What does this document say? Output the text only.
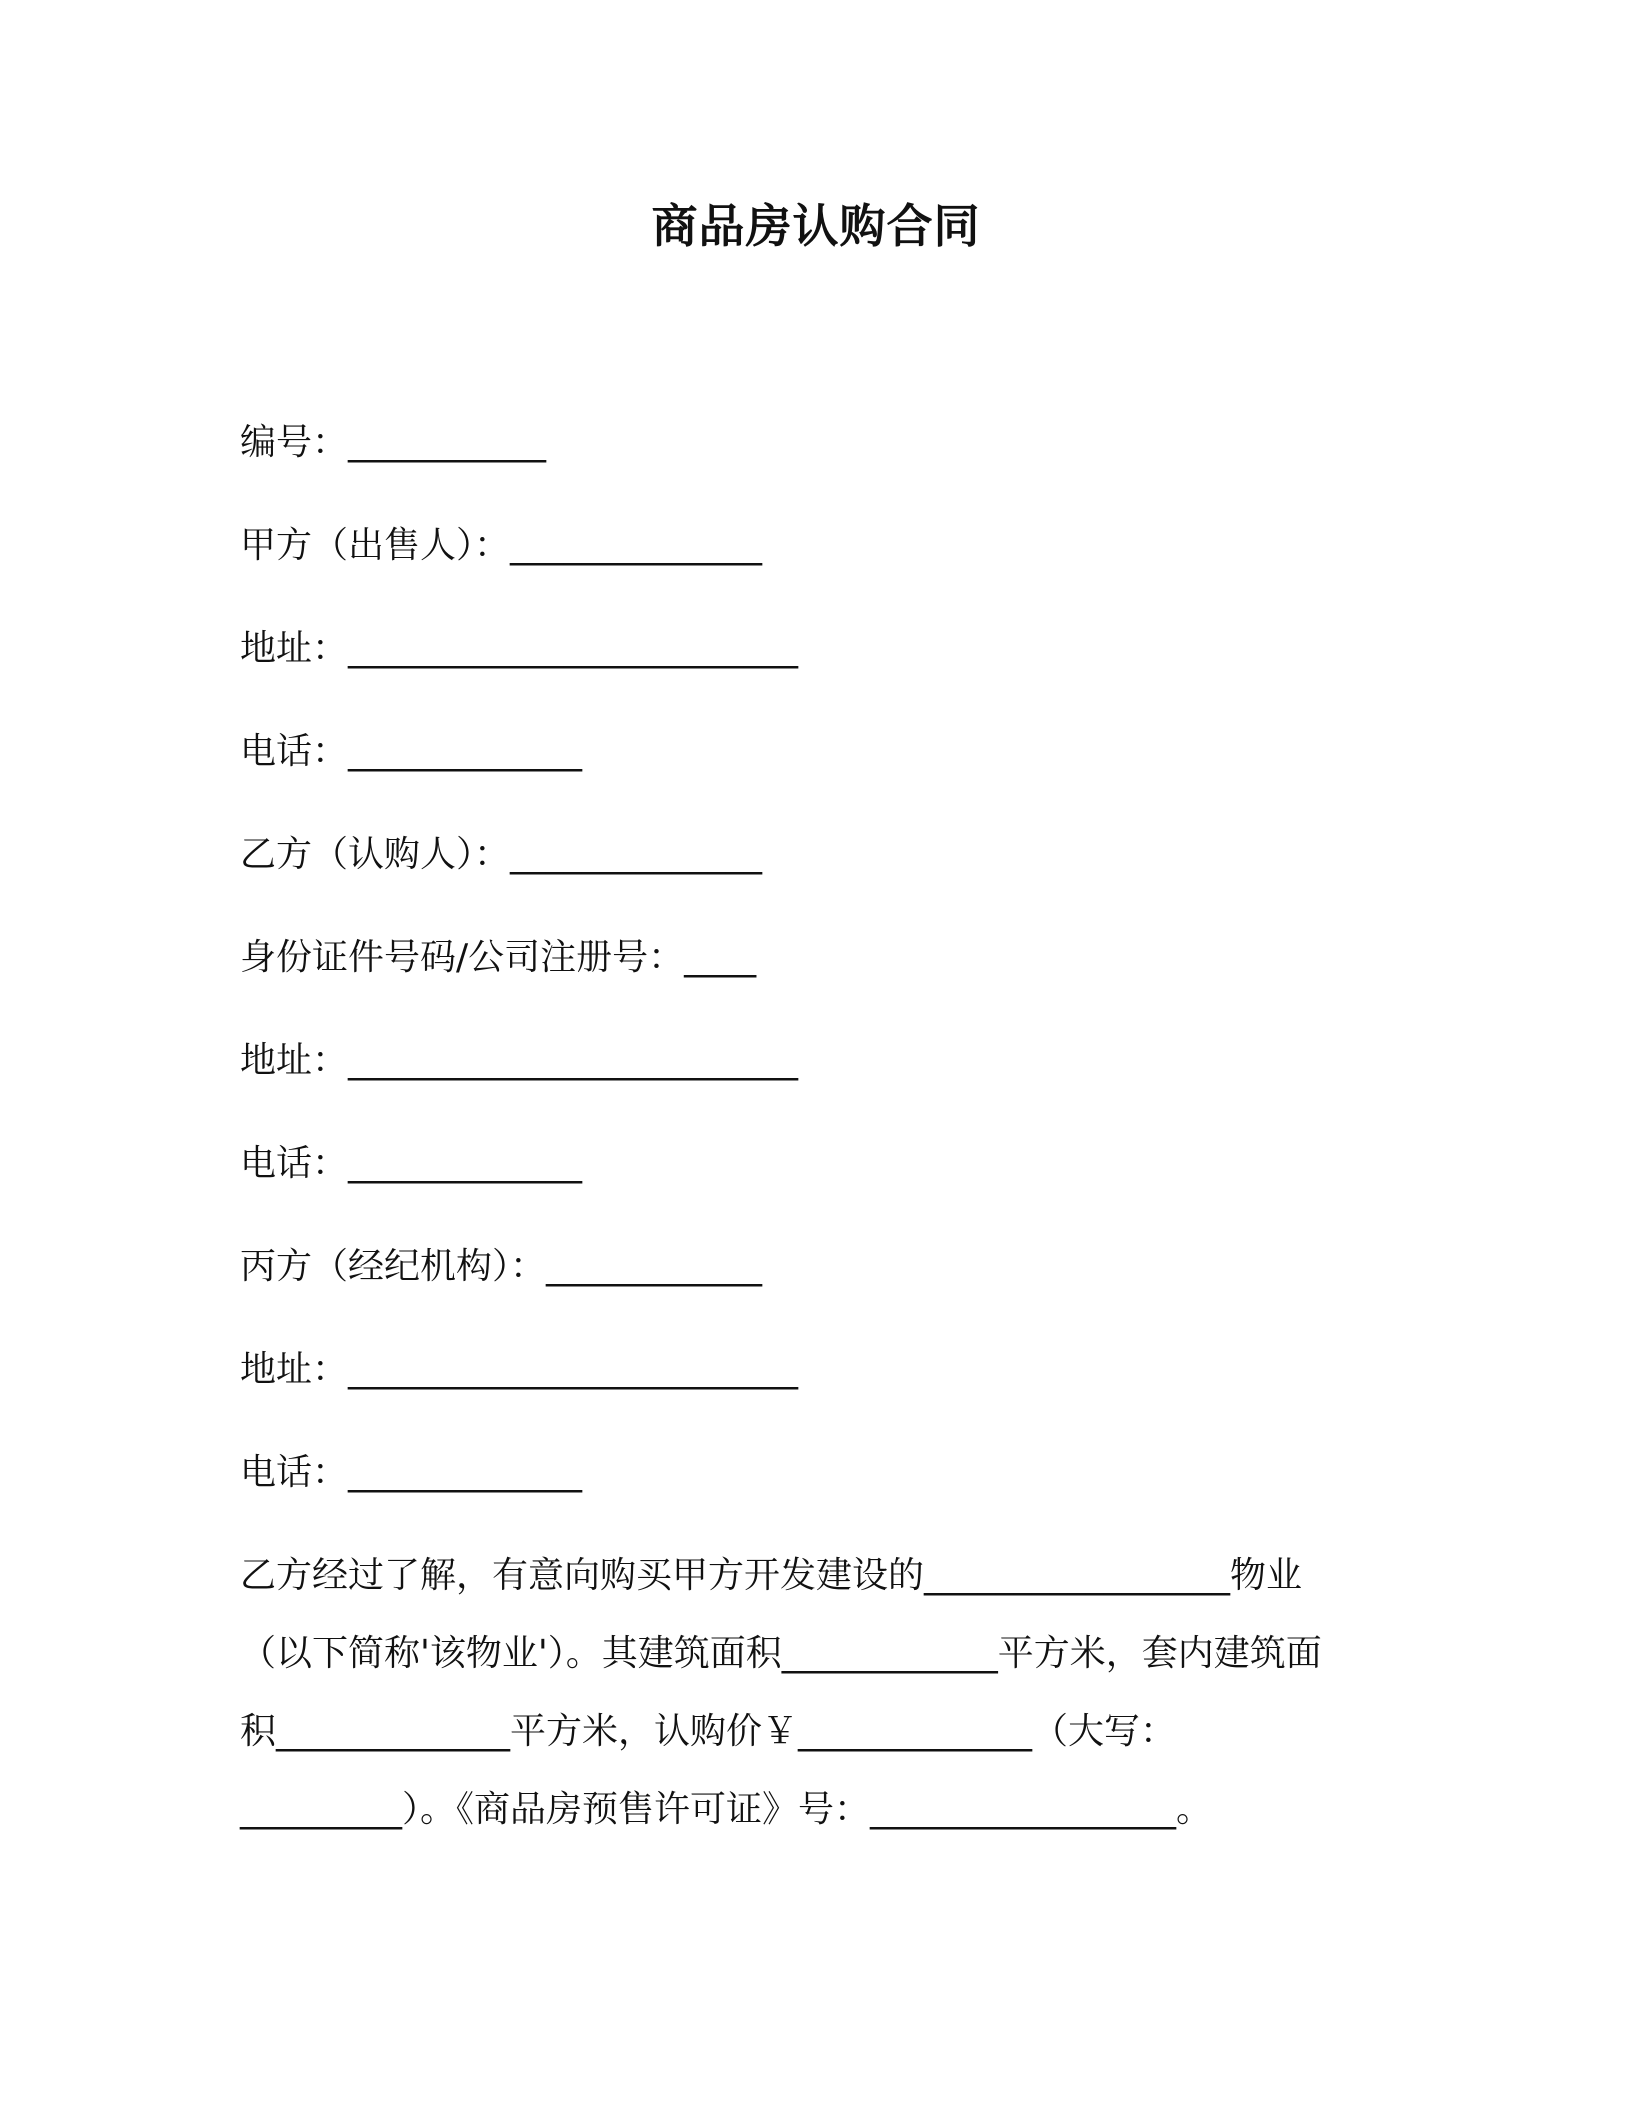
商品房认购合同
编号：___________
甲方（出售人）：______________
地址：_________________________
电话：_____________
乙方（认购人）：______________
身份证件号码/公司注册号：____
地址：_________________________
电话：_____________
丙方（经纪机构）：____________
地址：_________________________
电话：_____________
乙方经过了解，有意向购买甲方开发建设的_________________物业
（以下简称'该物业'）。其建筑面积____________平方米，套内建筑面
积_____________平方米，认购价￥_____________（大写：
_________）。《商品房预售许可证》号：_________________。
